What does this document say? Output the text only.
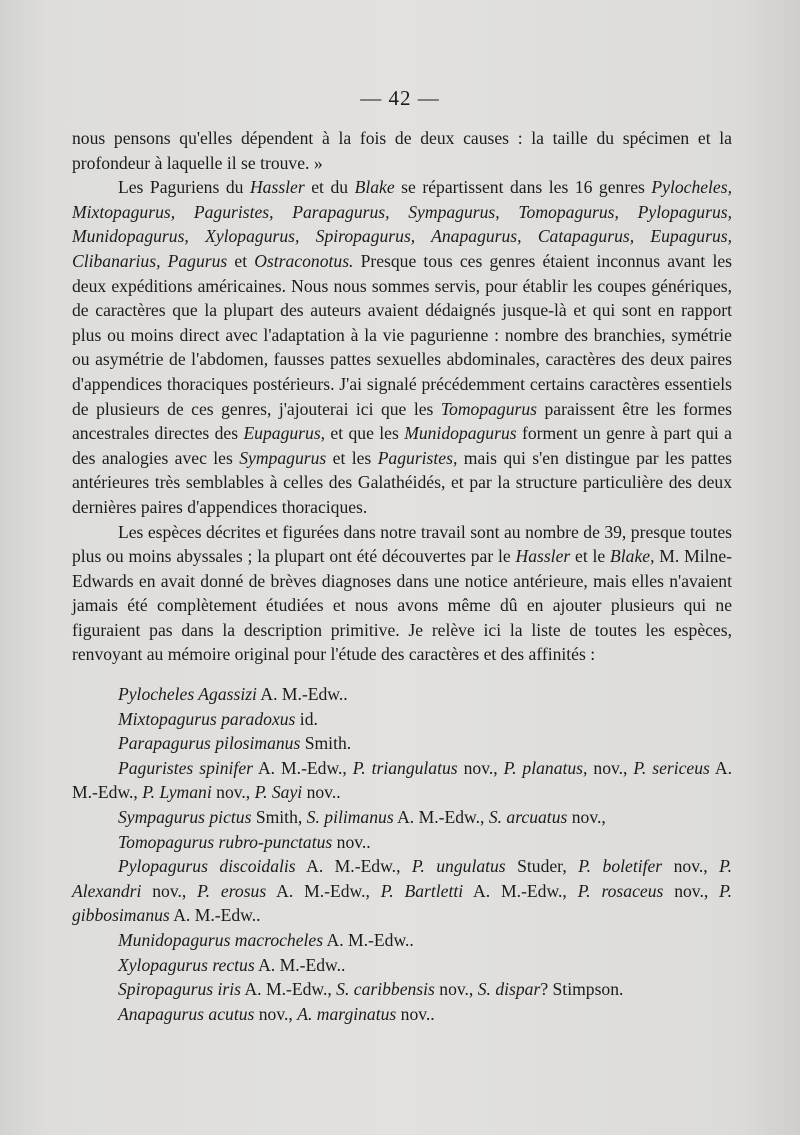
— 42 —

nous pensons qu'elles dépendent à la fois de deux causes : la taille du spécimen et la profondeur à laquelle il se trouve. »

Les Paguriens du Hassler et du Blake se répartissent dans les 16 genres Pylocheles, Mixtopagurus, Paguristes, Parapagurus, Sympagurus, Tomopagurus, Pylopagurus, Munidopagurus, Xylopagurus, Spiropagurus, Anapagurus, Catapagurus, Eupagurus, Clibanarius, Pagurus et Ostraconotus. Presque tous ces genres étaient inconnus avant les deux expéditions américaines. Nous nous sommes servis, pour établir les coupes génériques, de caractères que la plupart des auteurs avaient dédaignés jusque-là et qui sont en rapport plus ou moins direct avec l'adaptation à la vie pagurienne : nombre des branchies, symétrie ou asymétrie de l'abdomen, fausses pattes sexuelles abdominales, caractères des deux paires d'appendices thoraciques postérieurs. J'ai signalé précédemment certains caractères essentiels de plusieurs de ces genres, j'ajouterai ici que les Tomopagurus paraissent être les formes ancestrales directes des Eupagurus, et que les Munidopagurus forment un genre à part qui a des analogies avec les Sympagurus et les Paguristes, mais qui s'en distingue par les pattes antérieures très semblables à celles des Galathéidés, et par la structure particulière des deux dernières paires d'appendices thoraciques.

Les espèces décrites et figurées dans notre travail sont au nombre de 39, presque toutes plus ou moins abyssales ; la plupart ont été découvertes par le Hassler et le Blake, M. Milne-Edwards en avait donné de brèves diagnoses dans une notice antérieure, mais elles n'avaient jamais été complètement étudiées et nous avons même dû en ajouter plusieurs qui ne figuraient pas dans la description primitive. Je relève ici la liste de toutes les espèces, renvoyant au mémoire original pour l'étude des caractères et des affinités :

Pylocheles Agassizi A. M.-Edw..

Mixtopagurus paradoxus id.

Parapagurus pilosimanus Smith.

Paguristes spinifer A. M.-Edw., P. triangulatus nov., P. planatus, nov., P. sericeus A. M.-Edw., P. Lymani nov., P. Sayi nov..

Sympagurus pictus Smith, S. pilimanus A. M.-Edw., S. arcuatus nov.,

Tomopagurus rubro-punctatus nov..

Pylopagurus discoidalis A. M.-Edw., P. ungulatus Studer, P. boletifer nov., P. Alexandri nov., P. erosus A. M.-Edw., P. Bartletti A. M.-Edw., P. rosaceus nov., P. gibbosimanus A. M.-Edw..

Munidopagurus macrocheles A. M.-Edw..

Xylopagurus rectus A. M.-Edw..

Spiropagurus iris A. M.-Edw., S. caribbensis nov., S. dispar? Stimpson.

Anapagurus acutus nov., A. marginatus nov..
